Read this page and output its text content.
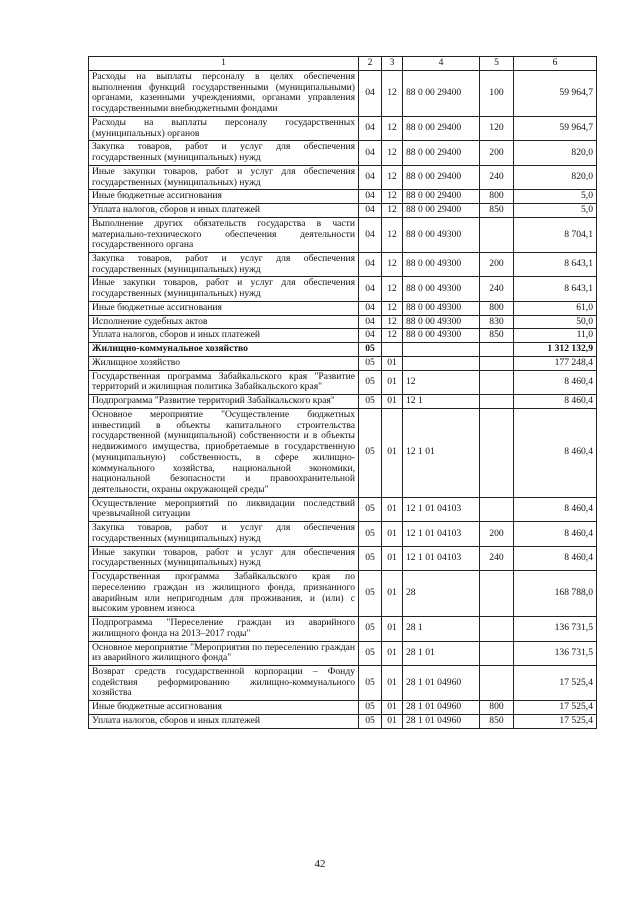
1	2	3	4	5	6
Расходы на выплаты персоналу в целях обеспечения выполнения функций государственными (муниципальными) органами, казенными учреждениями, органами управления государственными внебюджетными фондами	04	12	88 0 00 29400	100	59 964,7
Расходы на выплаты персоналу государственных (муниципальных) органов	04	12	88 0 00 29400	120	59 964,7
Закупка товаров, работ и услуг для обеспечения государственных (муниципальных) нужд	04	12	88 0 00 29400	200	820,0
Иные закупки товаров, работ и услуг для обеспечения государственных (муниципальных) нужд	04	12	88 0 00 29400	240	820,0
Иные бюджетные ассигнования	04	12	88 0 00 29400	800	5,0
Уплата налогов, сборов и иных платежей	04	12	88 0 00 29400	850	5,0
Выполнение других обязательств государства в части материально-технического обеспечения деятельности государственного органа	04	12	88 0 00 49300		8 704,1
Закупка товаров, работ и услуг для обеспечения государственных (муниципальных) нужд	04	12	88 0 00 49300	200	8 643,1
Иные закупки товаров, работ и услуг для обеспечения государственных (муниципальных) нужд	04	12	88 0 00 49300	240	8 643,1
Иные бюджетные ассигнования	04	12	88 0 00 49300	800	61,0
Исполнение судебных актов	04	12	88 0 00 49300	830	50,0
Уплата налогов, сборов и иных платежей	04	12	88 0 00 49300	850	11,0
Жилищно-коммунальное хозяйство	05				1 312 132,9
Жилищное хозяйство	05	01			177 248,4
Государственная программа Забайкальского края "Развитие территорий и жилищная политика Забайкальского края"	05	01	12		8 460,4
Подпрограмма "Развитие территорий Забайкальского края"	05	01	12 1		8 460,4
Основное мероприятие "Осуществление бюджетных инвестиций в объекты капитального строительства государственной (муниципальной) собственности и в объекты недвижимого имущества, приобретаемые в государственную (муниципальную) собственность, в сфере жилищно-коммунального хозяйства, национальной экономики, национальной безопасности и правоохранительной деятельности, охраны окружающей среды"	05	01	12 1 01		8 460,4
Осуществление мероприятий по ликвидации последствий чрезвычайной ситуации	05	01	12 1 01 04103		8 460,4
Закупка товаров, работ и услуг для обеспечения государственных (муниципальных) нужд	05	01	12 1 01 04103	200	8 460,4
Иные закупки товаров, работ и услуг для обеспечения государственных (муниципальных) нужд	05	01	12 1 01 04103	240	8 460,4
Государственная программа Забайкальского края по переселению граждан из жилищного фонда, признанного аварийным или непригодным для проживания, и (или) с высоким уровнем износа	05	01	28		168 788,0
Подпрограмма "Переселение граждан из аварийного жилищного фонда на 2013–2017 годы"	05	01	28 1		136 731,5
Основное мероприятие "Мероприятия по переселению граждан из аварийного жилищного фонда"	05	01	28 1 01		136 731,5
Возврат средств государственной корпорации – Фонду содействия реформированию жилищно-коммунального хозяйства	05	01	28 1 01 04960		17 525,4
Иные бюджетные ассигнования	05	01	28 1 01 04960	800	17 525,4
Уплата налогов, сборов и иных платежей	05	01	28 1 01 04960	850	17 525,4
42
